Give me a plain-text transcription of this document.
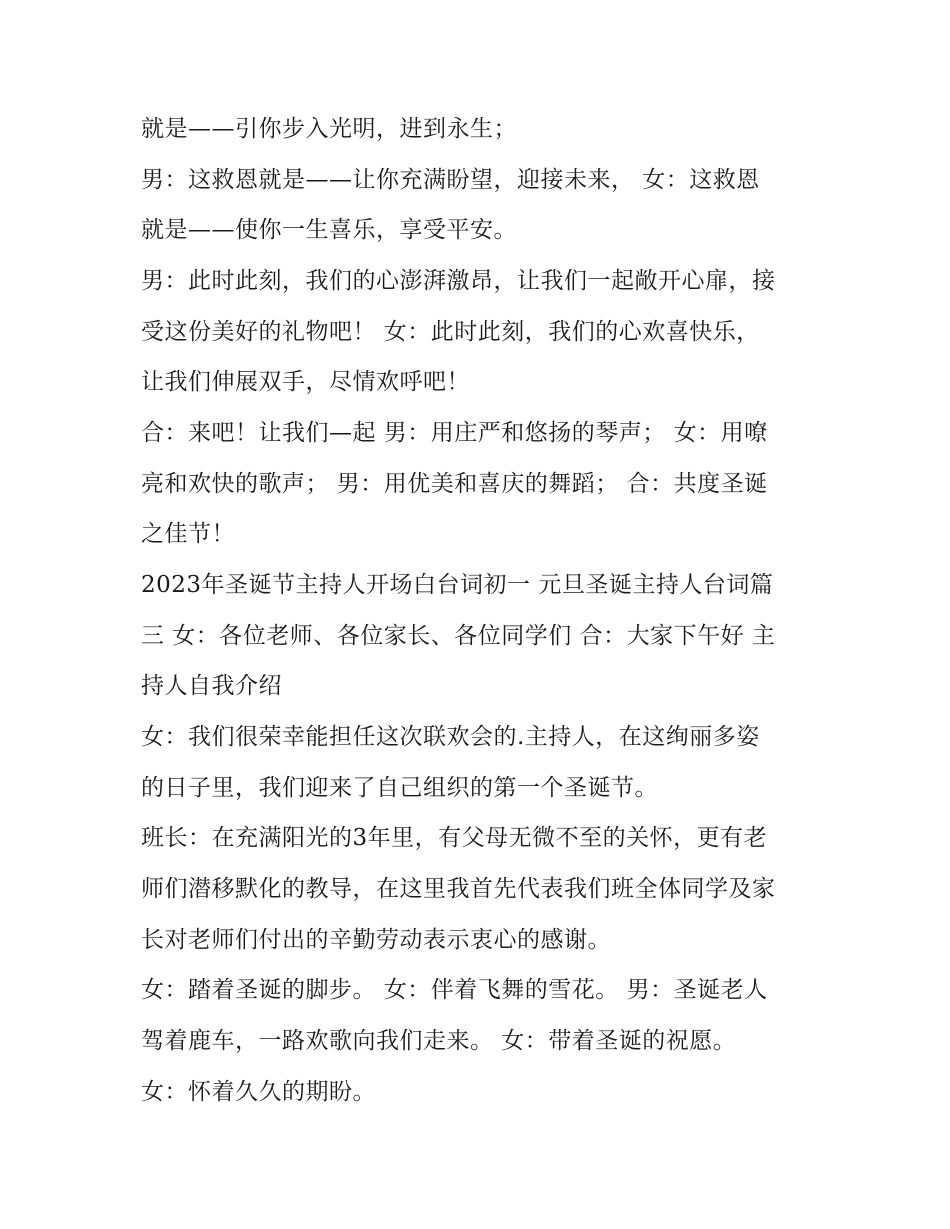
就是——引你步入光明，进到永生；
男：这救恩就是——让你充满盼望，迎接未来， 女：这救恩
就是——使你一生喜乐，享受平安。
男：此时此刻，我们的心澎湃激昂，让我们一起敞开心扉，接
受这份美好的礼物吧！ 女：此时此刻，我们的心欢喜快乐，
让我们伸展双手，尽情欢呼吧！
合：来吧！让我们—起 男：用庄严和悠扬的琴声； 女：用嘹
亮和欢快的歌声； 男：用优美和喜庆的舞蹈； 合：共度圣诞
之佳节！
2023年圣诞节主持人开场白台词初一 元旦圣诞主持人台词篇
三 女：各位老师、各位家长、各位同学们 合：大家下午好 主
持人自我介绍
女：我们很荣幸能担任这次联欢会的.主持人，在这绚丽多姿
的日子里，我们迎来了自己组织的第一个圣诞节。
班长：在充满阳光的3年里，有父母无微不至的关怀，更有老
师们潜移默化的教导，在这里我首先代表我们班全体同学及家
长对老师们付出的辛勤劳动表示衷心的感谢。
女：踏着圣诞的脚步。 女：伴着飞舞的雪花。 男：圣诞老人
驾着鹿车，一路欢歌向我们走来。 女：带着圣诞的祝愿。
女：怀着久久的期盼。
